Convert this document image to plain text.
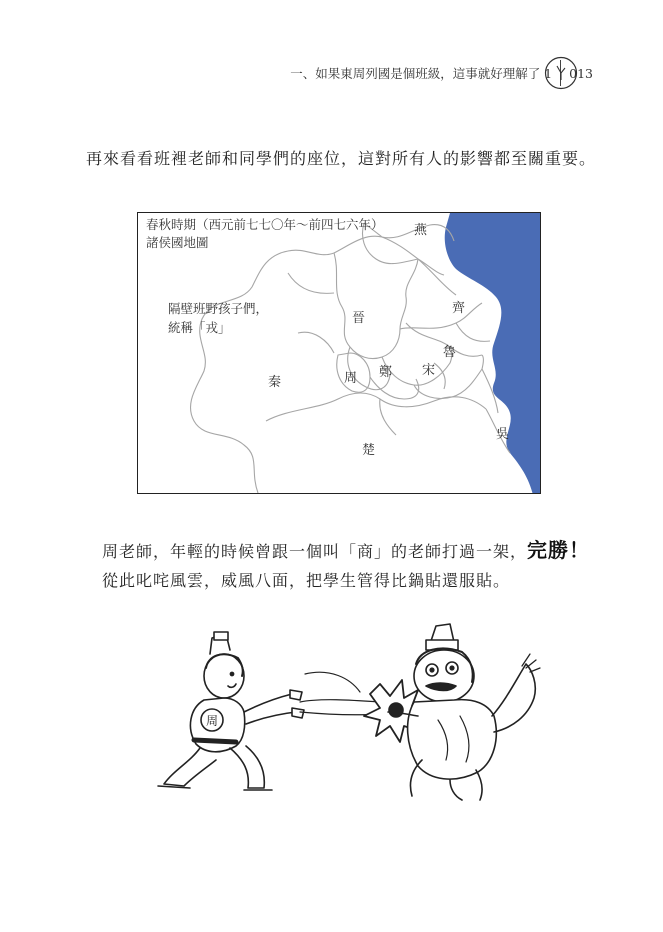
一、如果東周列國是個班級，這事就好理解了 1 013
再來看看班裡老師和同學們的座位，這對所有人的影響都至關重要。
春秋時期（西元前七七〇年～前四七六年）
諸侯國地圖
隔壁班野孩子們，
統稱「戎」
燕
齊
晉
魯
宋
鄭
周
秦
吳
楚
周老師，年輕的時候曾跟一個叫「商」的老師打過一架，完勝！
從此叱咤風雲，威風八面，把學生管得比鍋貼還服貼。
周
